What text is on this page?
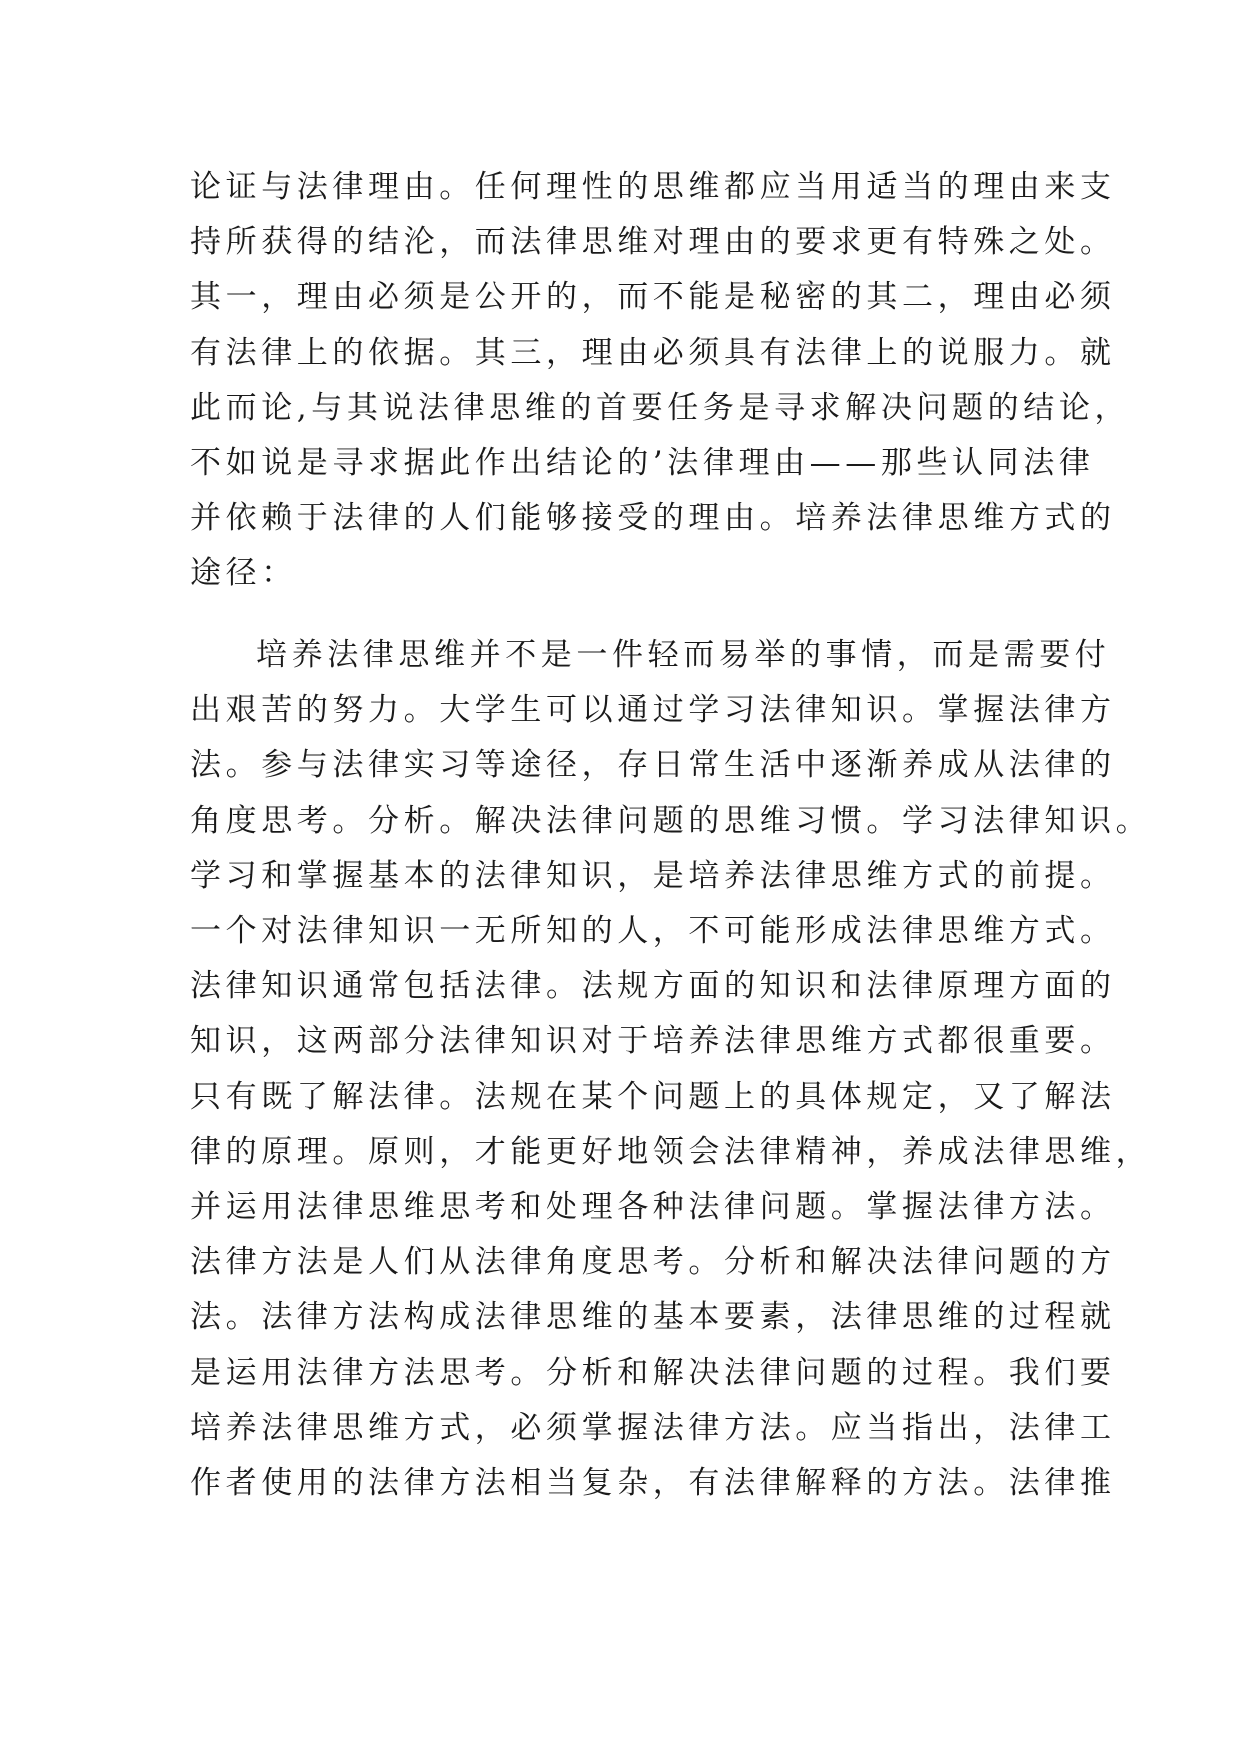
论证与法律理由。任何理性的思维都应当用适当的理由来支
持所获得的结沦，而法律思维对理由的要求更有特殊之处。
其一，理由必须是公开的，而不能是秘密的其二，理由必须
有法律上的依据。其三，理由必须具有法律上的说服力。就
此而论,与其说法律思维的首要任务是寻求解决问题的结论，
不如说是寻求据此作出结论的’法律理由——那些认同法律
并依赖于法律的人们能够接受的理由。培养法律思维方式的
途径：
培养法律思维并不是一件轻而易举的事情，而是需要付
出艰苦的努力。大学生可以通过学习法律知识。掌握法律方
法。参与法律实习等途径，存日常生活中逐渐养成从法律的
角度思考。分析。解决法律问题的思维习惯。学习法律知识。
学习和掌握基本的法律知识，是培养法律思维方式的前提。
一个对法律知识一无所知的人，不可能形成法律思维方式。
法律知识通常包括法律。法规方面的知识和法律原理方面的
知识，这两部分法律知识对于培养法律思维方式都很重要。
只有既了解法律。法规在某个问题上的具体规定，又了解法
律的原理。原则，才能更好地领会法律精神，养成法律思维，
并运用法律思维思考和处理各种法律问题。掌握法律方法。
法律方法是人们从法律角度思考。分析和解决法律问题的方
法。法律方法构成法律思维的基本要素，法律思维的过程就
是运用法律方法思考。分析和解决法律问题的过程。我们要
培养法律思维方式，必须掌握法律方法。应当指出，法律工
作者使用的法律方法相当复杂，有法律解释的方法。法律推
